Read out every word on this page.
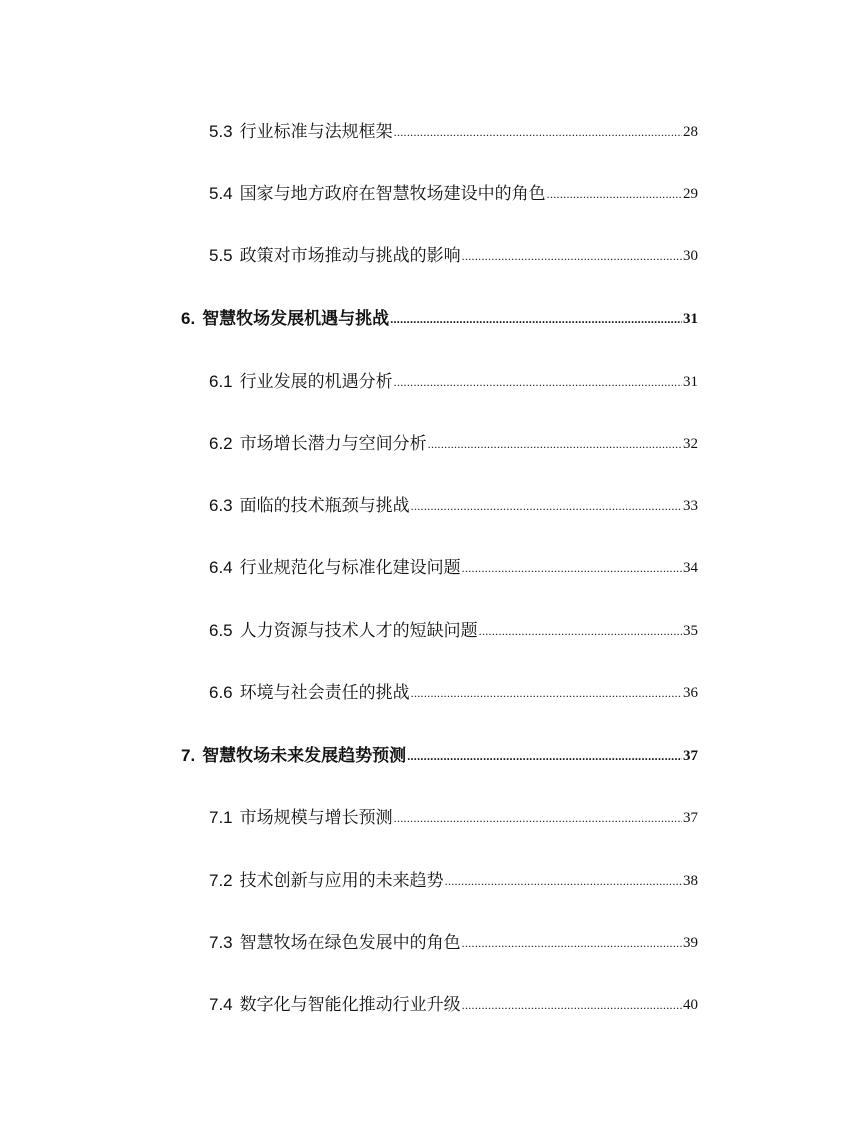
5.3 行业标准与法规框架 .....	28
5.4 国家与地方政府在智慧牧场建设中的角色 .....	29
5.5 政策对市场推动与挑战的影响 .....	30
6. 智慧牧场发展机遇与挑战 .....	31
6.1 行业发展的机遇分析 .....	31
6.2 市场增长潜力与空间分析 .....	32
6.3 面临的技术瓶颈与挑战 .....	33
6.4 行业规范化与标准化建设问题 .....	34
6.5 人力资源与技术人才的短缺问题 .....	35
6.6 环境与社会责任的挑战 .....	36
7. 智慧牧场未来发展趋势预测 .....	37
7.1 市场规模与增长预测 .....	37
7.2 技术创新与应用的未来趋势 .....	38
7.3 智慧牧场在绿色发展中的角色 .....	39
7.4 数字化与智能化推动行业升级 .....	40
